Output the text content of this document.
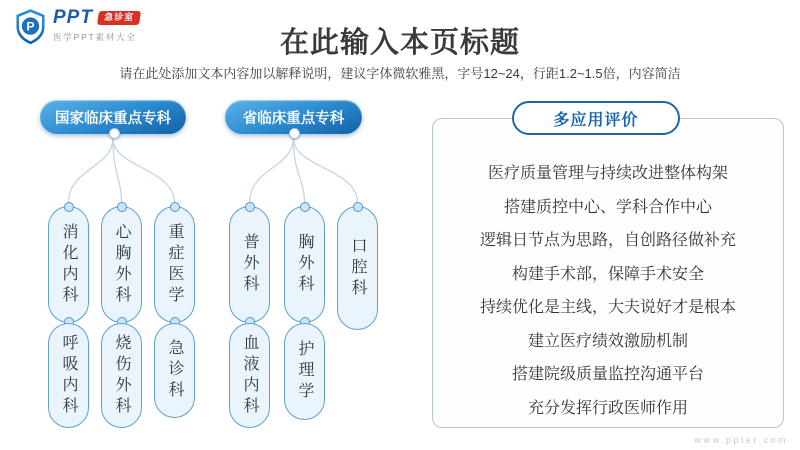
P PPT	急诊室
医学PPT素材大全	在此输入本页标题
请在此处添加文本内容加以解释说明，建议字体微软雅黑，字号12~24，行距1.2~1.5倍，内容简洁
国家临床重点专科	省临床重点专科
消化内科 心胸外科 重症医学
呼吸内科 烧伤外科 急诊科
普外科 胸外科 口腔科
血液内科 护理学
多应用评价
医疗质量管理与持续改进整体构架
搭建质控中心、学科合作中心
逻辑日节点为思路，自创路径做补充
构建手术部，保障手术安全
持续优化是主线，大夫说好才是根本
建立医疗绩效激励机制
搭建院级质量监控沟通平台
充分发挥行政医师作用
www.ppter.com
